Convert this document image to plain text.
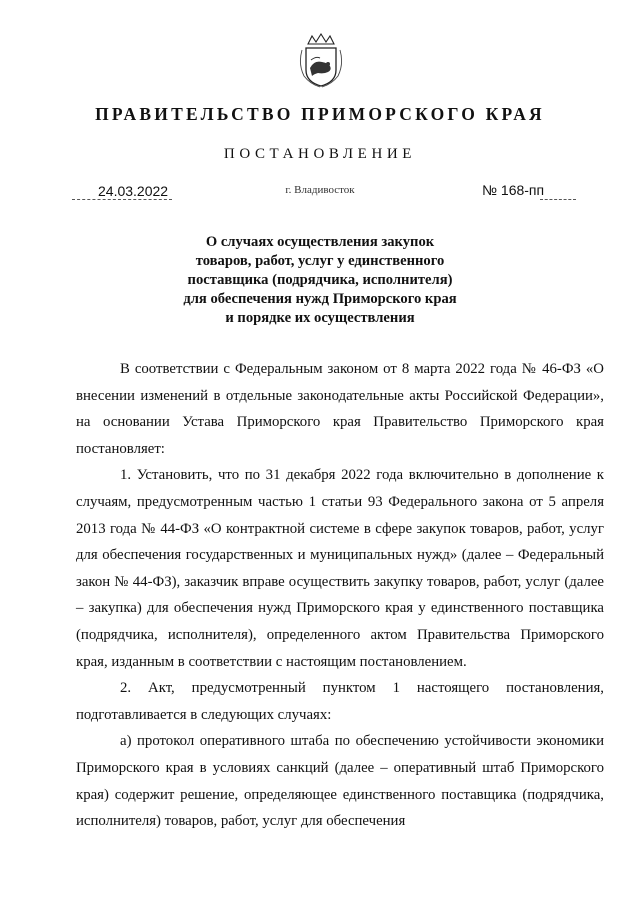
ПРАВИТЕЛЬСТВО ПРИМОРСКОГО КРАЯ
ПОСТАНОВЛЕНИЕ
24.03.2022	г. Владивосток	№ 168-пп
О случаях осуществления закупок
товаров, работ, услуг у единственного
поставщика (подрядчика, исполнителя)
для обеспечения нужд Приморского края
и порядке их осуществления

В соответствии с Федеральным законом от 8 марта 2022 года № 46-ФЗ «О внесении изменений в отдельные законодательные акты Российской Федерации», на основании Устава Приморского края Правительство Приморского края постановляет:

1. Установить, что по 31 декабря 2022 года включительно в дополнение к случаям, предусмотренным частью 1 статьи 93 Федерального закона от 5 апреля 2013 года № 44-ФЗ «О контрактной системе в сфере закупок товаров, работ, услуг для обеспечения государственных и муниципальных нужд» (далее – Федеральный закон № 44-ФЗ), заказчик вправе осуществить закупку товаров, работ, услуг (далее – закупка) для обеспечения нужд Приморского края у единственного поставщика (подрядчика, исполнителя), определенного актом Правительства Приморского края, изданным в соответствии с настоящим постановлением.

2. Акт, предусмотренный пунктом 1 настоящего постановления, подготавливается в следующих случаях:

а) протокол оперативного штаба по обеспечению устойчивости экономики Приморского края в условиях санкций (далее – оперативный штаб Приморского края) содержит решение, определяющее единственного поставщика (подрядчика, исполнителя) товаров, работ, услуг для обеспечения
